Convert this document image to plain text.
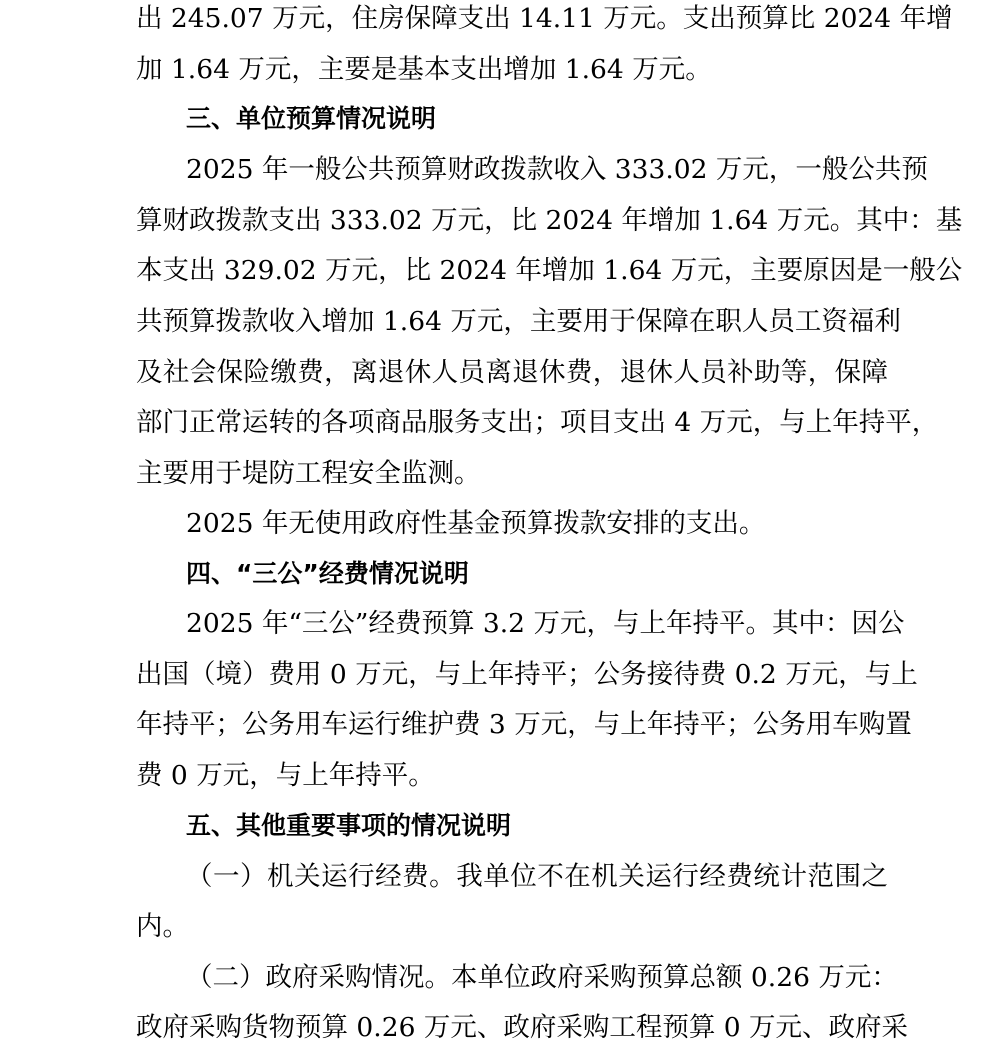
出 245.07 万元，住房保障支出 14.11 万元。支出预算比 2024 年增
加 1.64 万元，主要是基本支出增加 1.64 万元。
三、单位预算情况说明
2025 年一般公共预算财政拨款收入 333.02 万元，一般公共预
算财政拨款支出 333.02 万元，比 2024 年增加 1.64 万元。其中：基
本支出 329.02 万元，比 2024 年增加 1.64 万元，主要原因是一般公
共预算拨款收入增加 1.64 万元，主要用于保障在职人员工资福利
及社会保险缴费，离退休人员离退休费，退休人员补助等，保障
部门正常运转的各项商品服务支出；项目支出 4 万元，与上年持平，
主要用于堤防工程安全监测。
2025 年无使用政府性基金预算拨款安排的支出。
四、“三公”经费情况说明
2025 年“三公”经费预算 3.2 万元，与上年持平。其中：因公
出国（境）费用 0 万元，与上年持平；公务接待费 0.2 万元，与上
年持平；公务用车运行维护费 3 万元，与上年持平；公务用车购置
费 0 万元，与上年持平。
五、其他重要事项的情况说明
（一）机关运行经费。我单位不在机关运行经费统计范围之
内。
（二）政府采购情况。本单位政府采购预算总额 0.26 万元：
政府采购货物预算 0.26 万元、政府采购工程预算 0 万元、政府采
